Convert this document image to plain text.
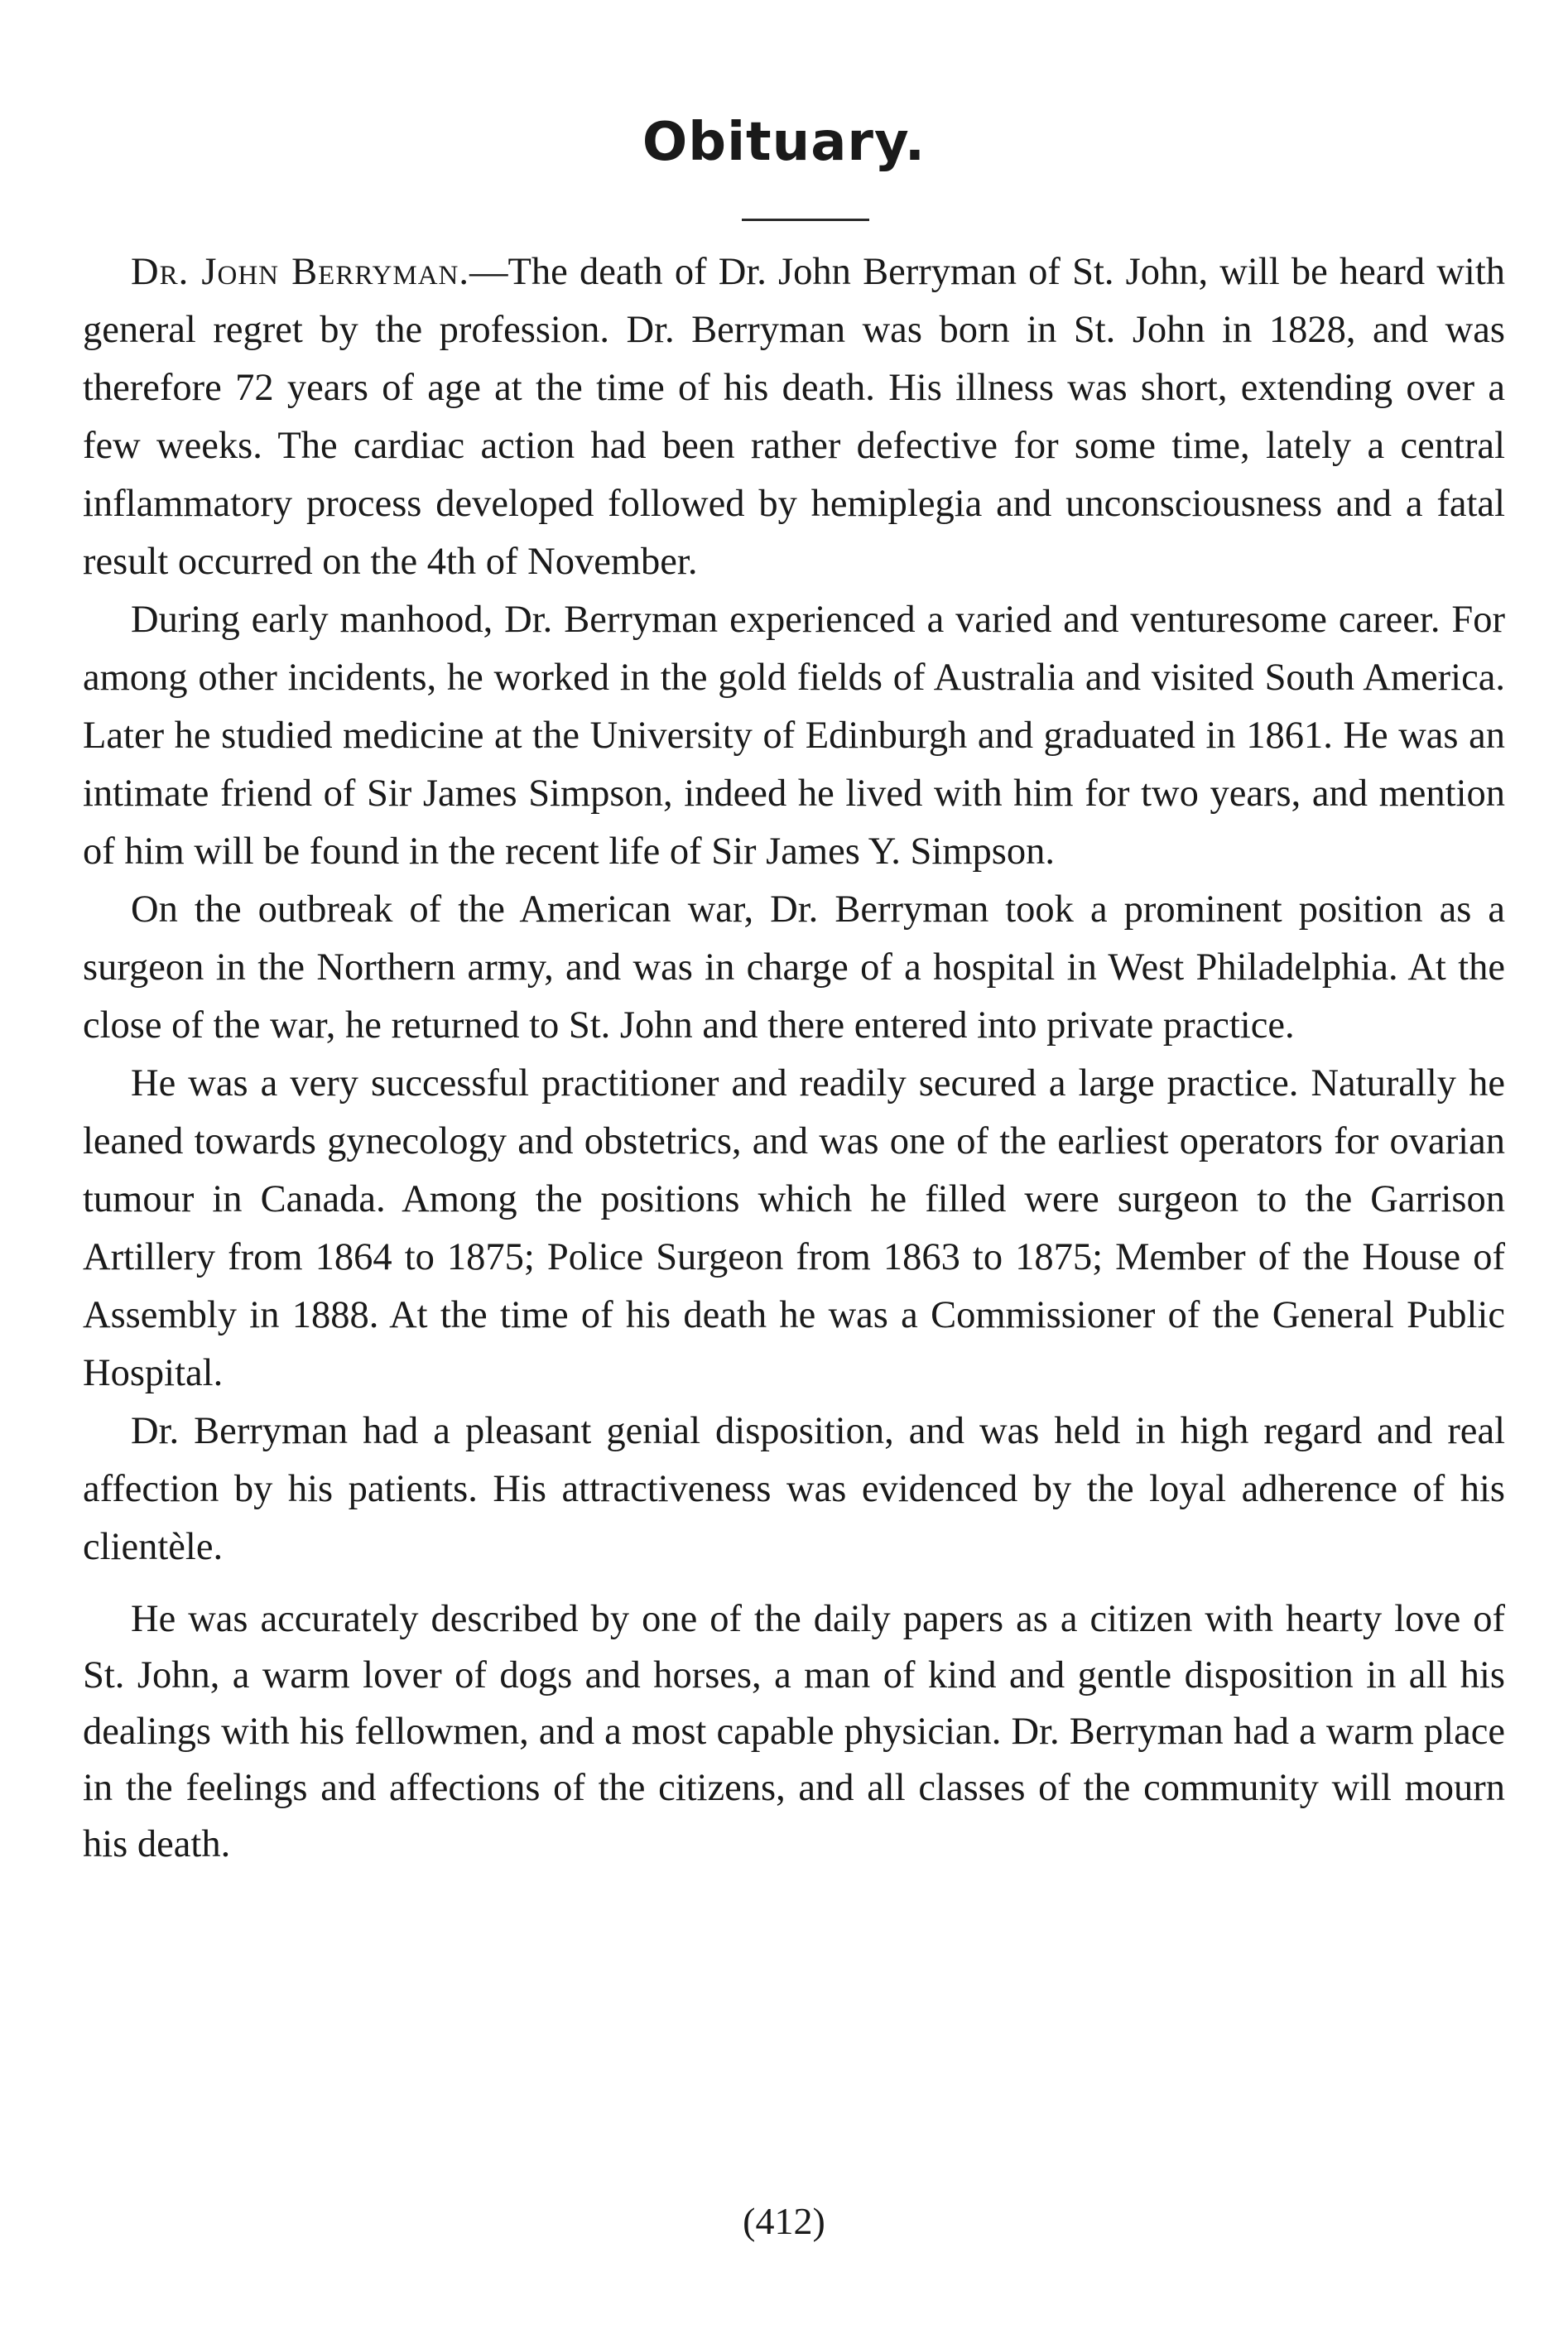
Obituary.

Dr. John Berryman.—The death of Dr. John Berryman of St. John, will be heard with general regret by the profession. Dr. Berryman was born in St. John in 1828, and was therefore 72 years of age at the time of his death. His illness was short, extending over a few weeks. The cardiac action had been rather defective for some time, lately a central inflammatory process developed followed by hemiplegia and unconsciousness and a fatal result occurred on the 4th of November.

During early manhood, Dr. Berryman experienced a varied and venturesome career. For among other incidents, he worked in the gold fields of Australia and visited South America. Later he studied medicine at the University of Edinburgh and graduated in 1861. He was an intimate friend of Sir James Simpson, indeed he lived with him for two years, and mention of him will be found in the recent life of Sir James Y. Simpson.

On the outbreak of the American war, Dr. Berryman took a prominent position as a surgeon in the Northern army, and was in charge of a hospital in West Philadelphia. At the close of the war, he returned to St. John and there entered into private practice.

He was a very successful practitioner and readily secured a large practice. Naturally he leaned towards gynecology and obstetrics, and was one of the earliest operators for ovarian tumour in Canada. Among the positions which he filled were surgeon to the Garrison Artillery from 1864 to 1875; Police Surgeon from 1863 to 1875; Member of the House of Assembly in 1888. At the time of his death he was a Commissioner of the General Public Hospital.

Dr. Berryman had a pleasant genial disposition, and was held in high regard and real affection by his patients. His attractiveness was evidenced by the loyal adherence of his clientèle.

He was accurately described by one of the daily papers as a citizen with hearty love of St. John, a warm lover of dogs and horses, a man of kind and gentle disposition in all his dealings with his fellowmen, and a most capable physician. Dr. Berryman had a warm place in the feelings and affections of the citizens, and all classes of the community will mourn his death.

(412)
